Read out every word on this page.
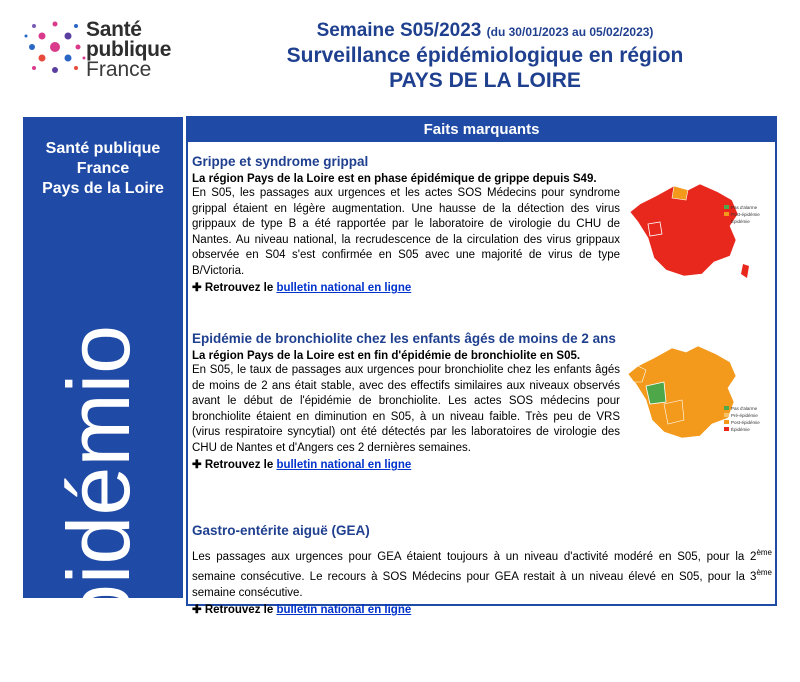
Santé
publique
France
Semaine S05/2023 (du 30/01/2023 au 05/02/2023)
Surveillance épidémiologique en région
PAYS DE LA LOIRE
Santé publique
France
Pays de la Loire
épidémio
Faits marquants
Grippe et syndrome grippal
La région Pays de la Loire est en phase épidémique de grippe depuis S49.

En S05, les passages aux urgences et les actes SOS Médecins pour syndrome grippal étaient en légère augmentation. Une hausse de la détection des virus grippaux de type B a été rapportée par le laboratoire de virologie du CHU de Nantes. Au niveau national, la recrudescence de la circulation des virus grippaux observée en S04 s'est confirmée en S05 avec une majorité de virus de type B/Victoria.

✚ Retrouvez le bulletin national en ligne
Pas d'alarme
Post-épidémie
Épidémie
Epidémie de bronchiolite chez les enfants âgés de moins de 2 ans
La région Pays de la Loire est en fin d'épidémie de bronchiolite en S05.

En S05, le taux de passages aux urgences pour bronchiolite chez les enfants âgés de moins de 2 ans était stable, avec des effectifs similaires aux niveaux observés avant le début de l'épidémie de bronchiolite. Les actes SOS médecins pour bronchiolite étaient en diminution en S05, à un niveau faible. Très peu de VRS (virus respiratoire syncytial) ont été détectés par les laboratoires de virologie des CHU de Nantes et d'Angers ces 2 dernières semaines.

✚ Retrouvez le bulletin national en ligne
Pas d'alarme
Pré-épidémie
Post-épidémie
Épidémie
Gastro-entérite aiguë (GEA)

Les passages aux urgences pour GEA étaient toujours à un niveau d'activité modéré en S05, pour la 2ème semaine consécutive. Le recours à SOS Médecins pour GEA restait à un niveau élevé en S05, pour la 3ème semaine consécutive.

✚ Retrouvez le bulletin national en ligne
